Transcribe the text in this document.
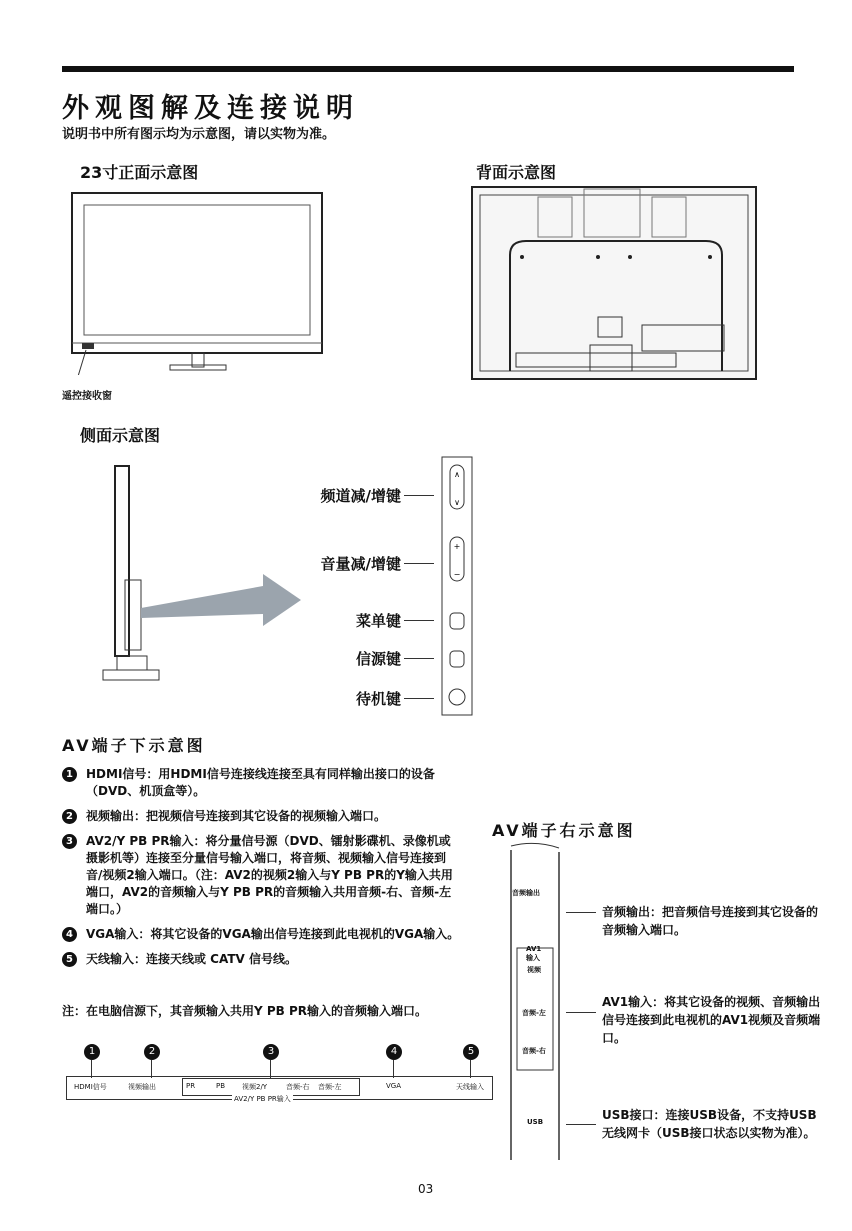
外观图解及连接说明
说明书中所有图示均为示意图，请以实物为准。
23寸正面示意图
遥控接收窗
背面示意图
侧面示意图
∧
∨
+
−
频道减/增键
音量减/增键
菜单键
信源键
待机键
AV端子下示意图
1	HDMI信号：用HDMI信号连接线连接至具有同样输出接口的设备（DVD、机顶盒等）。
2	视频输出：把视频信号连接到其它设备的视频输入端口。
3	AV2/Y PB PR输入：将分量信号源（DVD、镭射影碟机、录像机或摄影机等）连接至分量信号输入端口，将音频、视频输入信号连接到音/视频2输入端口。（注：AV2的视频2输入与Y PB PR的Y输入共用端口，AV2的音频输入与Y PB PR的音频输入共用音频-右、音频-左端口。）
4	VGA输入：将其它设备的VGA输出信号连接到此电视机的VGA输入。
5	天线输入：连接天线或 CATV 信号线。
注：在电脑信源下，其音频输入共用Y PB PR输入的音频输入端口。
1	2	3	4	5
HDMI信号	视频输出	PR	PB 视频2/Y	音频-右 音频-左
AV2/Y PB PR输入
VGA	天线输入
AV端子右示意图
音频输出
AV1
输入
视频
音频-左
音频-右
USB
音频输出：把音频信号连接到其它设备的音频输入端口。
AV1输入：将其它设备的视频、音频输出信号连接到此电视机的AV1视频及音频端口。
USB接口：连接USB设备，不支持USB无线网卡（USB接口状态以实物为准）。
03
